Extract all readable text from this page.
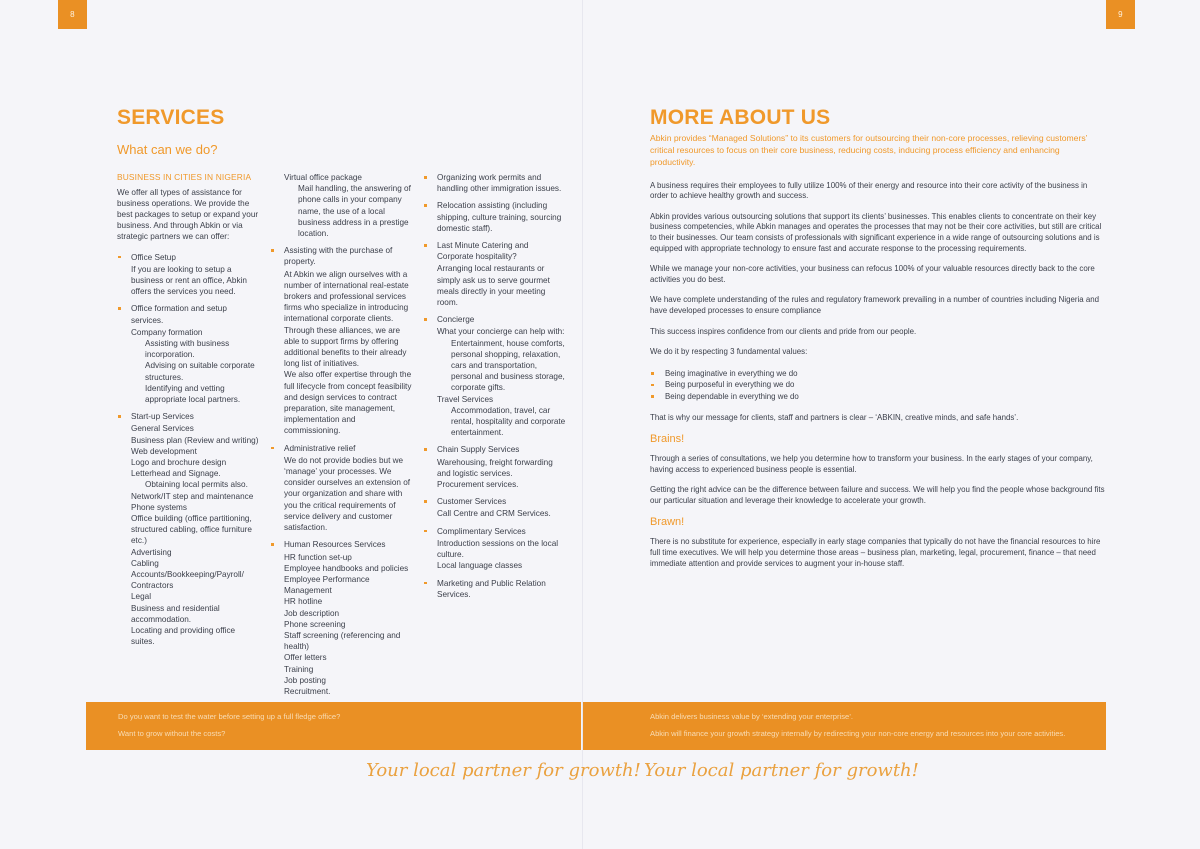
8	9
SERVICES
What can we do?

BUSINESS IN CITIES IN NIGERIA

We offer all types of assistance for business operations. We provide the best packages to setup or expand your business. And through Abkin or via strategic partners we can offer:

Office Setup

If you are looking to setup a business or rent an office, Abkin offers the services you need.

Office formation and setup services.

Company formation

Assisting with business incorporation.

Advising on suitable corporate structures.

Identifying and vetting appropriate local partners.

Start-up Services

General Services

Business plan (Review and writing)

Web development

Logo and brochure design

Letterhead and Signage.

Obtaining local permits also.

Network/IT step and maintenance

Phone systems

Office building (office partitioning, structured cabling, office furniture etc.)

Advertising

Cabling

Accounts/Bookkeeping/Payroll/ Contractors

Legal

Business and residential accommodation.

Locating and providing office suites.

Virtual office package

Mail handling, the answering of phone calls in your company name, the use of a local business address in a prestige location.

Assisting with the purchase of property.

At Abkin we align ourselves with a number of international real-estate brokers and professional services firms who specialize in introducing international corporate clients. Through these alliances, we are able to support firms by offering additional benefits to their already long list of initiatives.

We also offer expertise through the full lifecycle from concept feasibility and design services to contract preparation, site management, implementation and commissioning.

Administrative relief

We do not provide bodies but we ‘manage’ your processes. We consider ourselves an extension of your organization and share with you the critical requirements of service delivery and customer satisfaction.

Human Resources Services

HR function set-up

Employee handbooks and policies

Employee Performance Management

HR hotline

Job description

Phone screening

Staff screening (referencing and health)

Offer letters

Training

Job posting

Recruitment.

Organizing work permits and handling other immigration issues.

Relocation assisting (including shipping, culture training, sourcing domestic staff).

Last Minute Catering and Corporate hospitality?

Arranging local restaurants or simply ask us to serve gourmet meals directly in your meeting room.

Concierge

What your concierge can help with:

Entertainment, house comforts, personal shopping, relaxation, cars and transportation, personal and business storage, corporate gifts.

Travel Services

Accommodation, travel, car rental, hospitality and corporate entertainment.

Chain Supply Services

Warehousing, freight forwarding and logistic services.

Procurement services.

Customer Services

Call Centre and CRM Services.

Complimentary Services

Introduction sessions on the local culture.

Local language classes

Marketing and Public Relation Services.

MORE ABOUT US

Abkin provides “Managed Solutions” to its customers for outsourcing their non-core processes, relieving customers’ critical resources to focus on their core business, reducing costs, inducing process efficiency and enhancing productivity.

A business requires their employees to fully utilize 100% of their energy and resource into their core activity of the business in order to achieve healthy growth and success.

Abkin provides various outsourcing solutions that support its clients’ businesses. This enables clients to concentrate on their key business competencies, while Abkin manages and operates the processes that may not be their core activities, but still are critical to their businesses. Our team consists of professionals with significant experience in a wide range of outsourcing solutions and is equipped with appropriate technology to ensure fast and accurate response to the processing requirements.

While we manage your non-core activities, your business can refocus 100% of your valuable resources directly back to the core activities you do best.

We have complete understanding of the rules and regulatory framework prevailing in a number of countries including Nigeria and have developed processes to ensure compliance

This success inspires confidence from our clients and pride from our people.

We do it by respecting 3 fundamental values:

Being imaginative in everything we do
Being purposeful in everything we do
Being dependable in everything we do

That is why our message for clients, staff and partners is clear – ‘ABKIN, creative minds, and safe hands’.

Brains!

Through a series of consultations, we help you determine how to transform your business. In the early stages of your company, having access to experienced business people is essential.

Getting the right advice can be the difference between failure and success. We will help you find the people whose background fits our particular situation and leverage their knowledge to accelerate your growth.

Brawn!

There is no substitute for experience, especially in early stage companies that typically do not have the financial resources to hire full time executives. We will help you determine those areas – business plan, marketing, legal, procurement, finance – that need immediate attention and provide services to augment your in-house staff.

Do you want to test the water before setting up a full fledge office?

Want to grow without the costs?

Abkin delivers business value by ‘extending your enterprise’.

Abkin will finance your growth strategy internally by redirecting your non-core energy and resources into your core activities.

Your local partner for growth! Your local partner for growth!
